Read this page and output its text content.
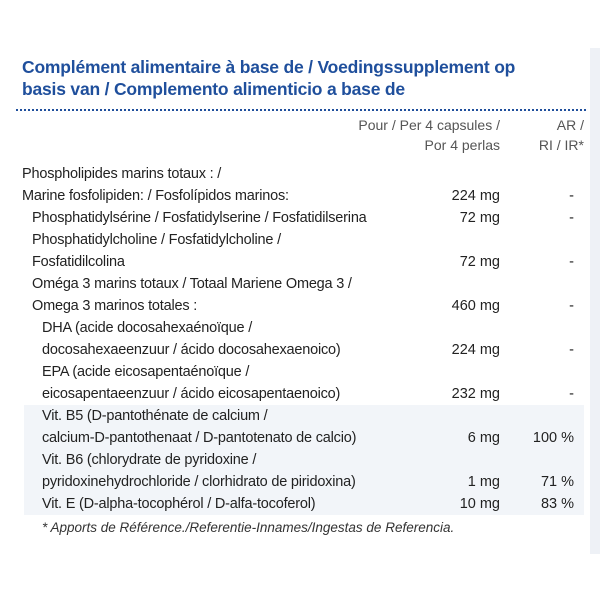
Complément alimentaire à base de / Voedingssupplement op
basis van / Complemento alimenticio a base de
Pour / Per 4 capsules /
Por 4 perlas
AR /
RI / IR*
Phospholipides marins totaux : /
Marine fosfolipiden: / Fosfolípidos marinos:	224 mg	-
Phosphatidylsérine / Fosfatidylserine / Fosfatidilserina	72 mg	-
Phosphatidylcholine / Fosfatidylcholine /
Fosfatidilcolina	72 mg	-
Oméga 3 marins totaux / Totaal Mariene Omega 3 /
Omega 3 marinos totales :	460 mg	-
DHA (acide docosahexaénoïque /
docosahexaeenzuur / ácido docosahexaenoico)	224 mg	-
EPA (acide eicosapentaénoïque /
eicosapentaeenzuur / ácido eicosapentaenoico)	232 mg	-
Vit. B5 (D-pantothénate de calcium /
calcium-D-pantothenaat / D-pantotenato de calcio)	6 mg	100 %
Vit. B6 (chlorydrate de pyridoxine /
pyridoxinehydrochloride / clorhidrato de piridoxina)	1 mg	71 %
Vit. E (D-alpha-tocophérol / D-alfa-tocoferol)	10 mg	83 %
* Apports de Référence./Referentie-Innames/Ingestas de Referencia.
